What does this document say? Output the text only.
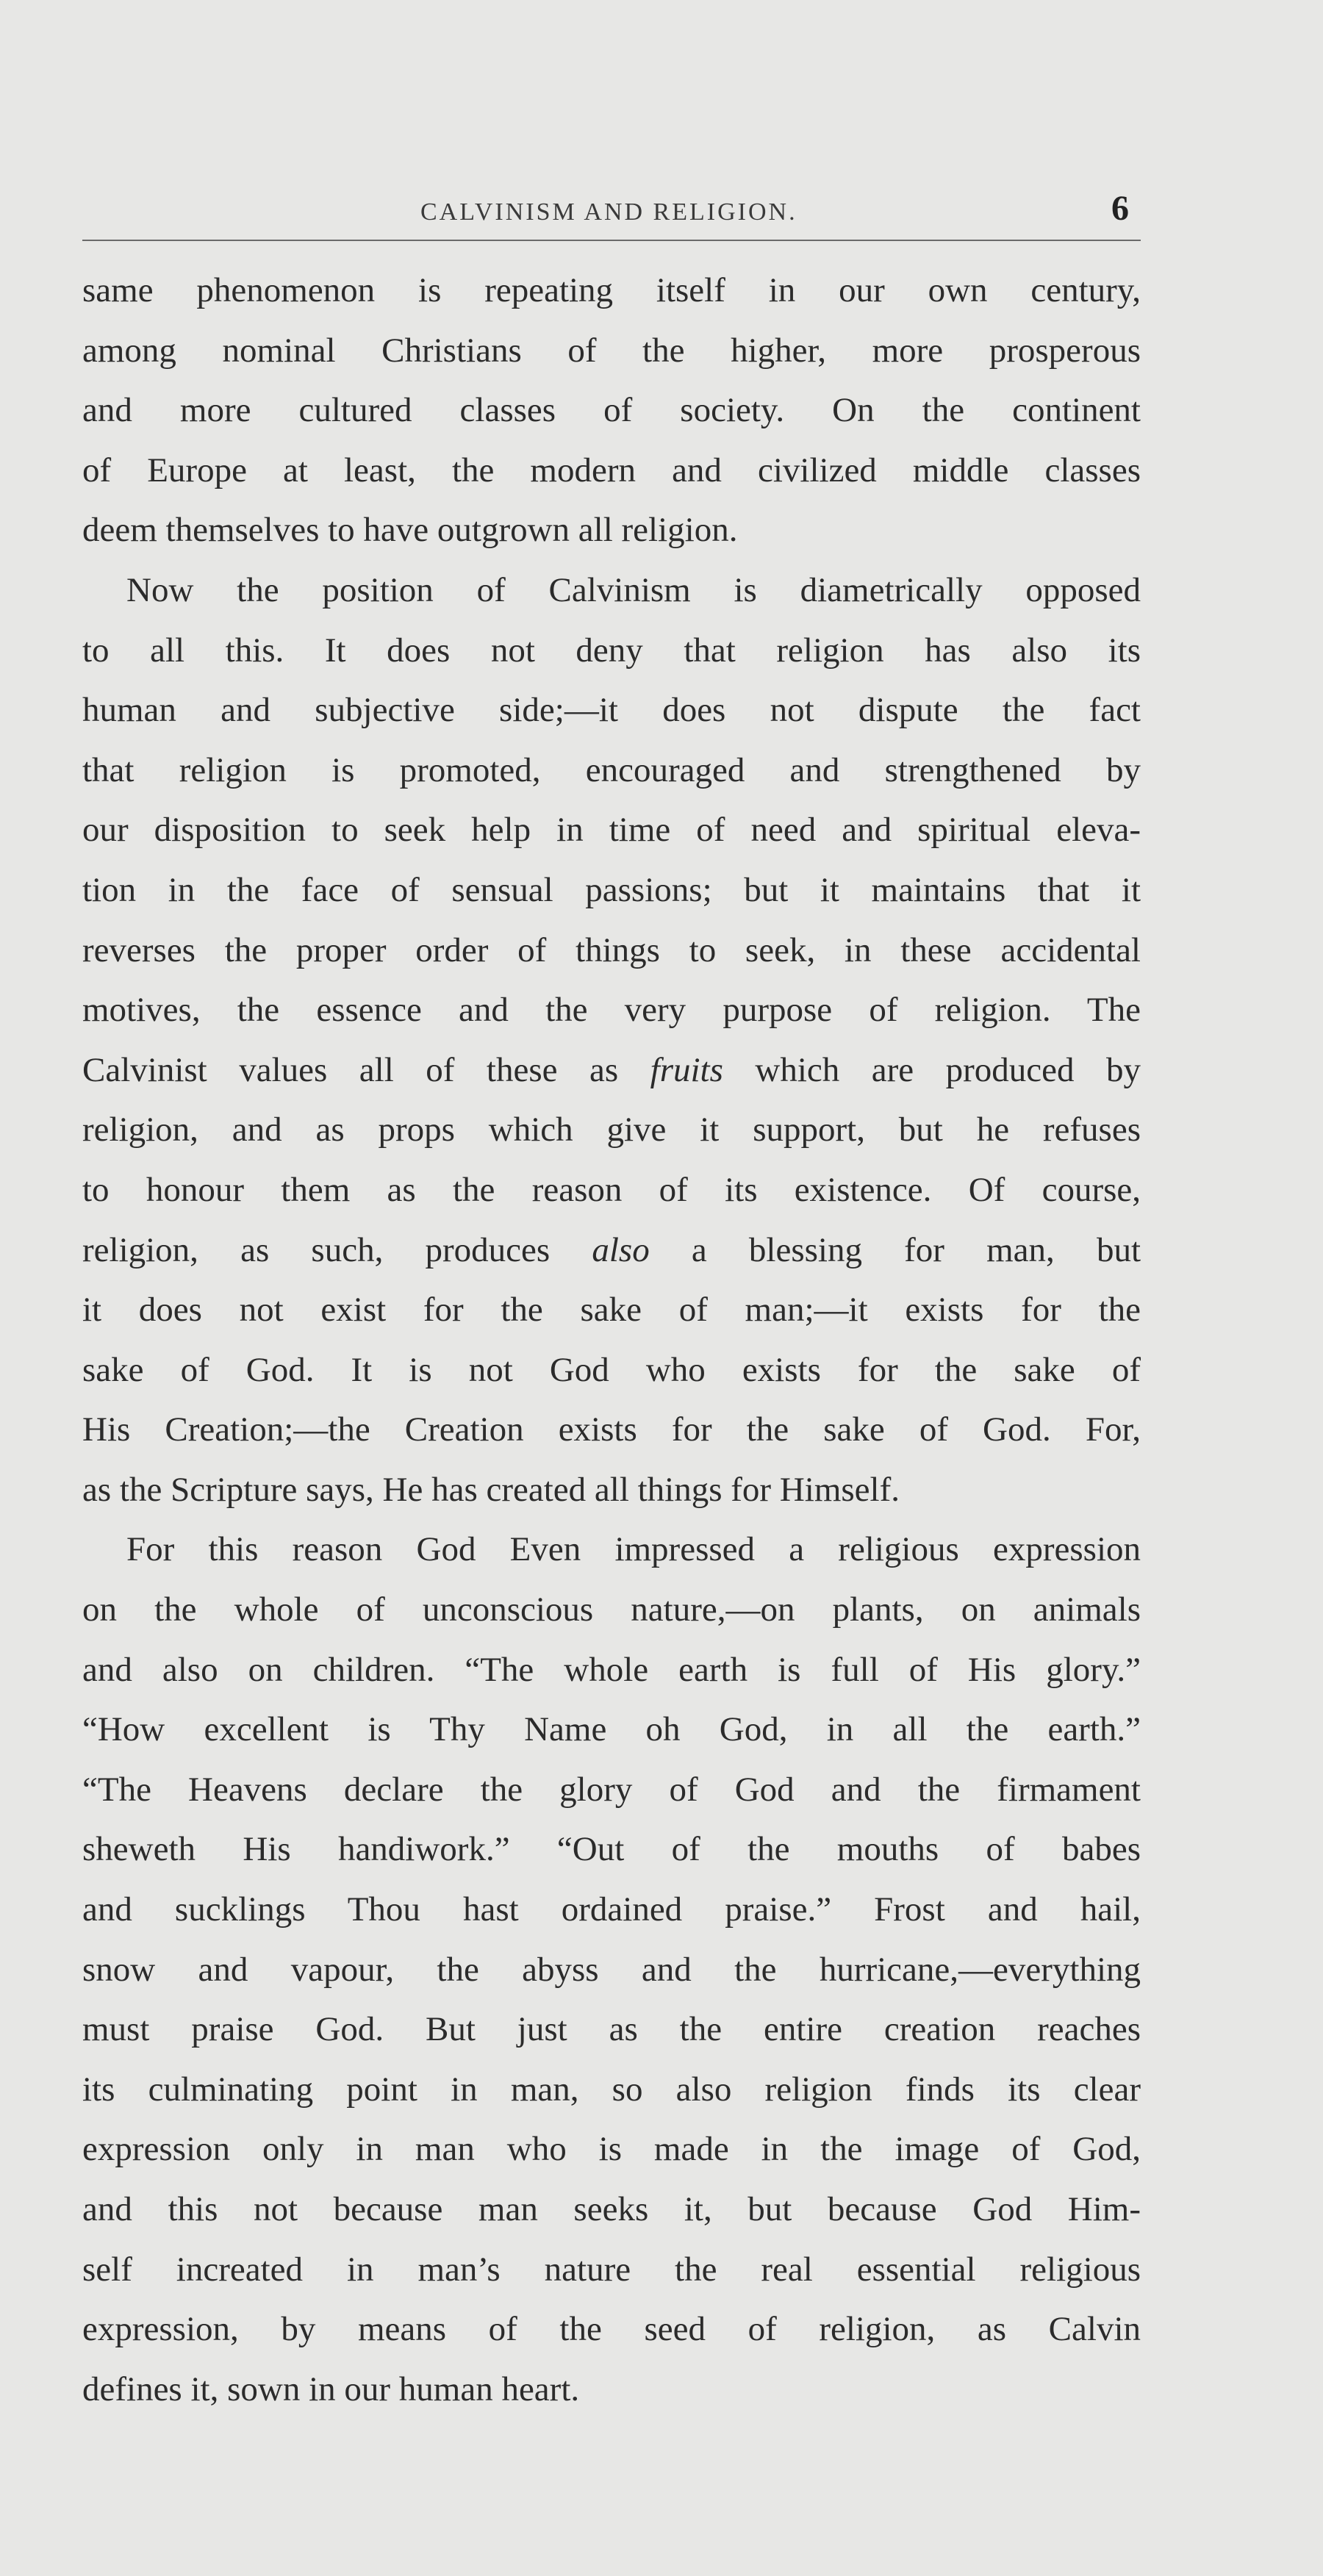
CALVINISM AND RELIGION.	6
same phenomenon is repeating itself in our own century,
among nominal Christians of the higher, more prosperous
and more cultured classes of society. On the continent
of Europe at least, the modern and civilized middle classes
deem themselves to have outgrown all religion.
Now the position of Calvinism is diametrically opposed
to all this. It does not deny that religion has also its
human and subjective side;—it does not dispute the fact
that religion is promoted, encouraged and strengthened by
our disposition to seek help in time of need and spiritual eleva-
tion in the face of sensual passions; but it maintains that it
reverses the proper order of things to seek, in these accidental
motives, the essence and the very purpose of religion. The
Calvinist values all of these as fruits which are produced by
religion, and as props which give it support, but he refuses
to honour them as the reason of its existence. Of course,
religion, as such, produces also a blessing for man, but
it does not exist for the sake of man;—it exists for the
sake of God. It is not God who exists for the sake of
His Creation;—the Creation exists for the sake of God. For,
as the Scripture says, He has created all things for Himself.
For this reason God Even impressed a religious expression
on the whole of unconscious nature,—on plants, on animals
and also on children. “The whole earth is full of His glory.”
“How excellent is Thy Name oh God, in all the earth.”
“The Heavens declare the glory of God and the firmament
sheweth His handiwork.” “Out of the mouths of babes
and sucklings Thou hast ordained praise.” Frost and hail,
snow and vapour, the abyss and the hurricane,—everything
must praise God. But just as the entire creation reaches
its culminating point in man, so also religion finds its clear
expression only in man who is made in the image of God,
and this not because man seeks it, but because God Him-
self increated in man’s nature the real essential religious
expression, by means of the seed of religion, as Calvin
defines it, sown in our human heart.
